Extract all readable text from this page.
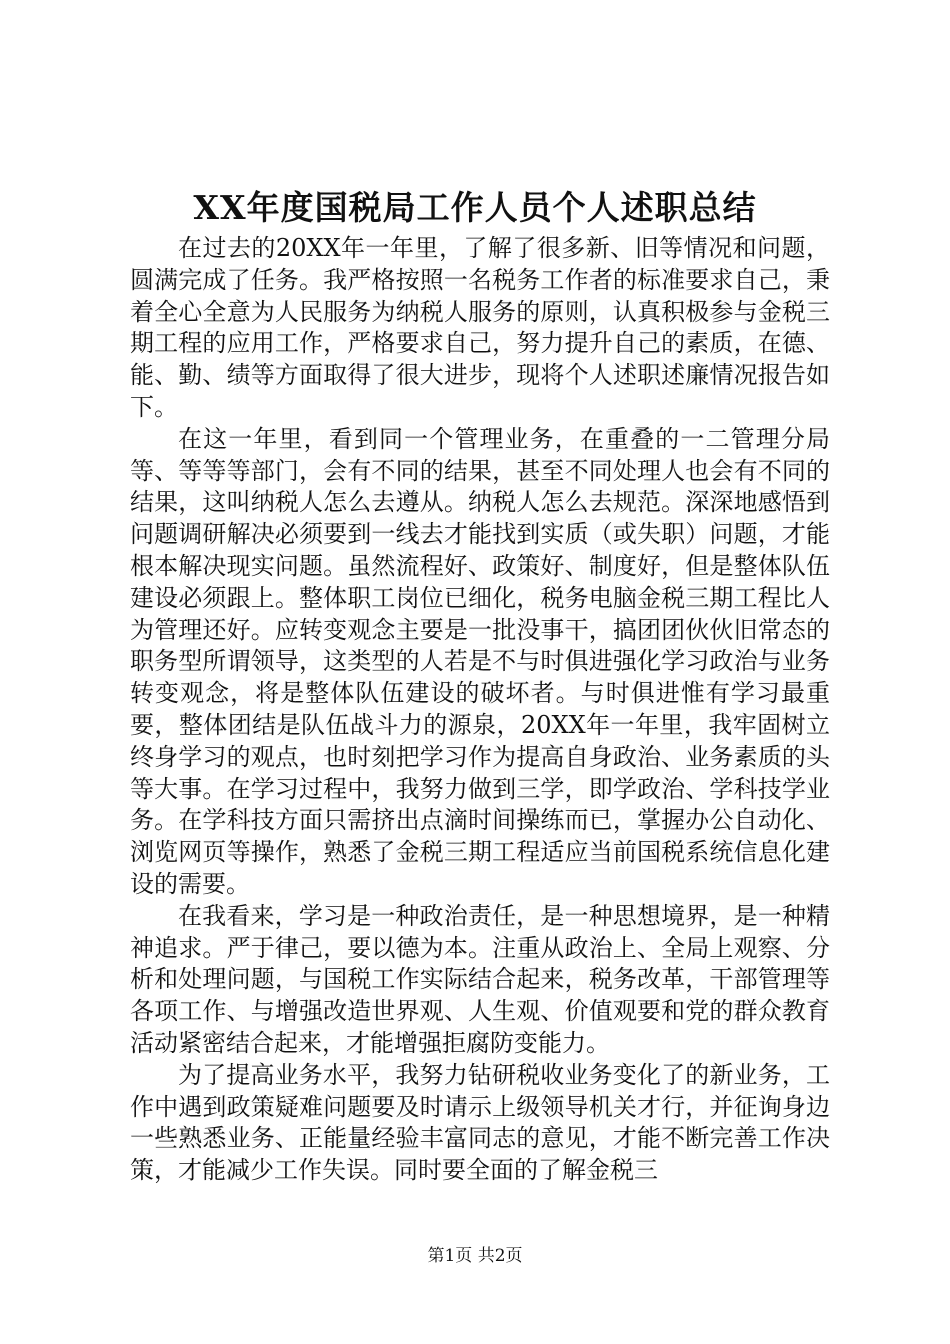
XX年度国税局工作人员个人述职总结

在过去的20XX年一年里，了解了很多新、旧等情况和问题，圆满完成了任务。我严格按照一名税务工作者的标准要求自己，秉着全心全意为人民服务为纳税人服务的原则，认真积极参与金税三期工程的应用工作，严格要求自己，努力提升自己的素质，在德、能、勤、绩等方面取得了很大进步，现将个人述职述廉情况报告如下。

在这一年里，看到同一个管理业务，在重叠的一二管理分局等、等等等部门，会有不同的结果，甚至不同处理人也会有不同的结果，这叫纳税人怎么去遵从。纳税人怎么去规范。深深地感悟到问题调研解决必须要到一线去才能找到实质（或失职）问题，才能根本解决现实问题。虽然流程好、政策好、制度好，但是整体队伍建设必须跟上。整体职工岗位已细化，税务电脑金税三期工程比人为管理还好。应转变观念主要是一批没事干，搞团团伙伙旧常态的职务型所谓领导，这类型的人若是不与时俱进强化学习政治与业务转变观念，将是整体队伍建设的破坏者。与时俱进惟有学习最重要，整体团结是队伍战斗力的源泉，20XX年一年里，我牢固树立终身学习的观点，也时刻把学习作为提高自身政治、业务素质的头等大事。在学习过程中，我努力做到三学，即学政治、学科技学业务。在学科技方面只需挤出点滴时间操练而已，掌握办公自动化、浏览网页等操作，熟悉了金税三期工程适应当前国税系统信息化建设的需要。

在我看来，学习是一种政治责任，是一种思想境界，是一种精神追求。严于律己，要以德为本。注重从政治上、全局上观察、分析和处理问题，与国税工作实际结合起来，税务改革，干部管理等各项工作、与增强改造世界观、人生观、价值观要和党的群众教育活动紧密结合起来，才能增强拒腐防变能力。

为了提高业务水平，我努力钻研税收业务变化了的新业务，工作中遇到政策疑难问题要及时请示上级领导机关才行，并征询身边一些熟悉业务、正能量经验丰富同志的意见，才能不断完善工作决策，才能减少工作失误。同时要全面的了解金税三

第1页 共2页
